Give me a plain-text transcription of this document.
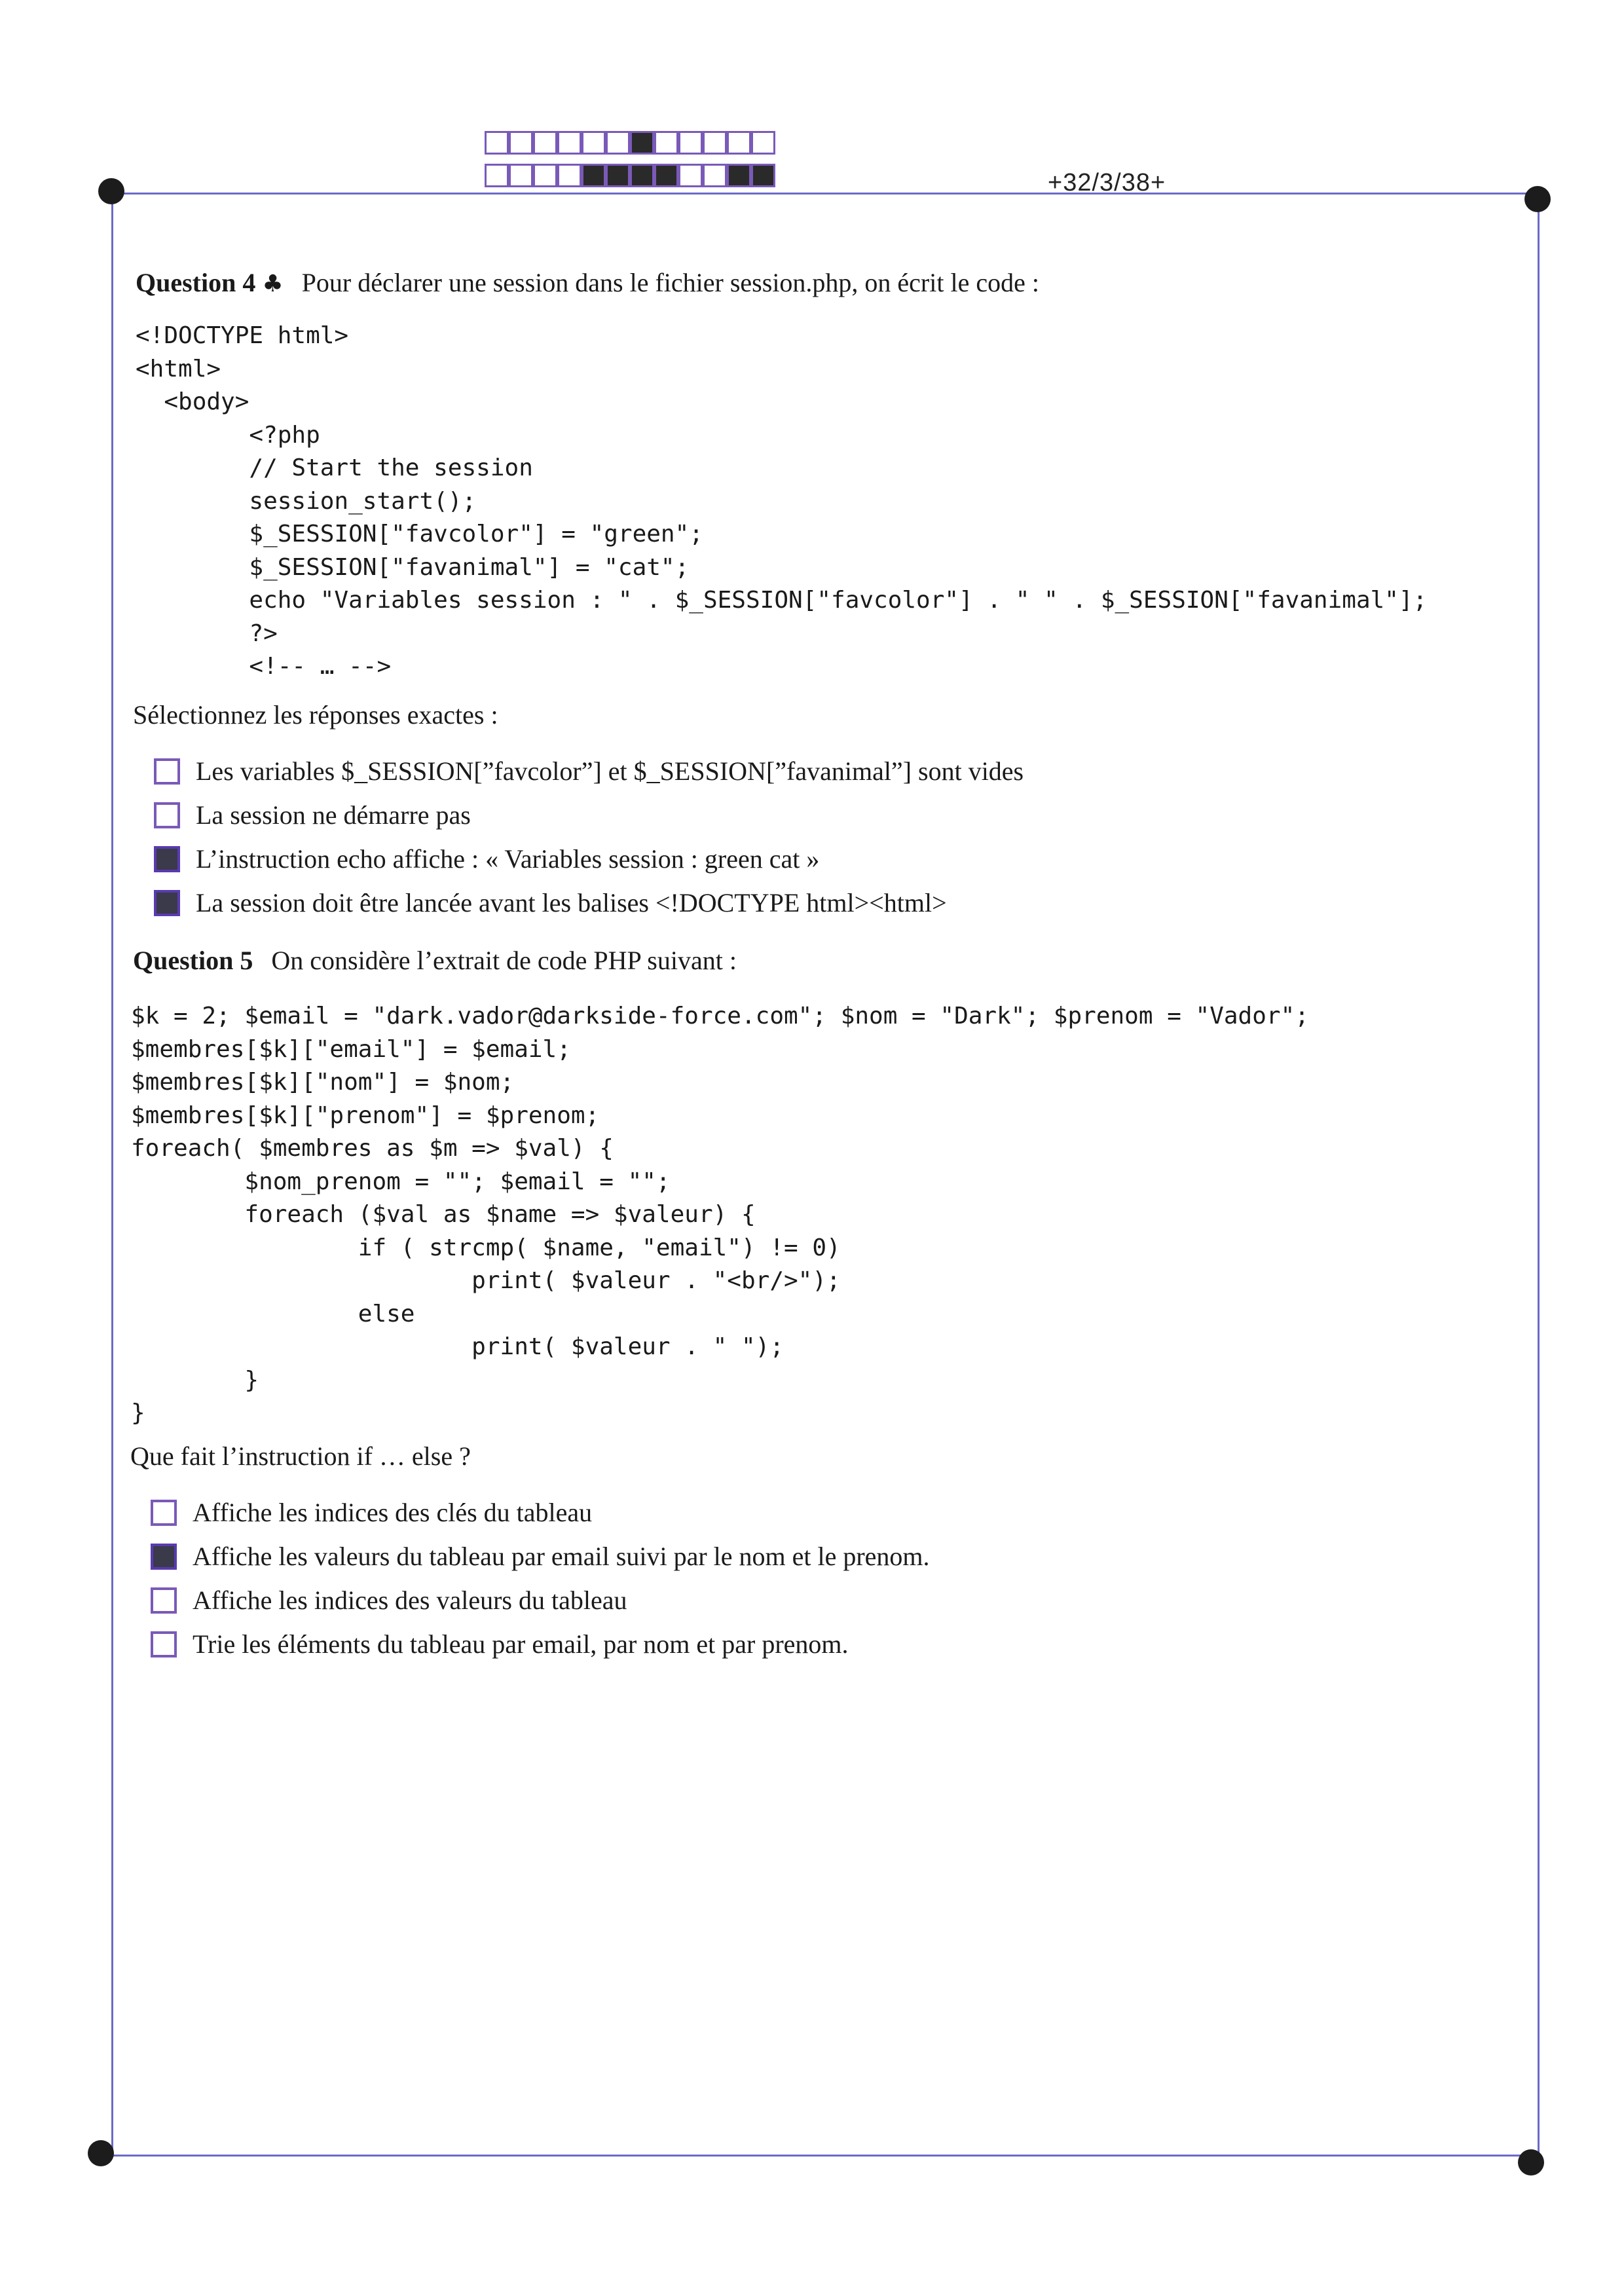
+32/3/38+
Question 4 ♣ Pour déclarer une session dans le fichier session.php, on écrit le code :
<!DOCTYPE html>
<html>
<body>
<?php
// Start the session
session_start();
$_SESSION["favcolor"] = "green";
$_SESSION["favanimal"] = "cat";
echo "Variables session : " . $_SESSION["favcolor"] . " " . $_SESSION["favanimal"];
?>
<!-- … -->
Sélectionnez les réponses exactes :
Les variables $_SESSION[”favcolor”] et $_SESSION[”favanimal”] sont vides
La session ne démarre pas
L’instruction echo affiche : « Variables session : green cat »
La session doit être lancée avant les balises <!DOCTYPE html><html>
Question 5 On considère l’extrait de code PHP suivant :
$k = 2; $email = "dark.vador@darkside-force.com"; $nom = "Dark"; $prenom = "Vador";
$membres[$k]["email"] = $email;
$membres[$k]["nom"] = $nom;
$membres[$k]["prenom"] = $prenom;
foreach( $membres as $m => $val) {
$nom_prenom = ""; $email = "";
foreach ($val as $name => $valeur) {
if ( strcmp( $name, "email") != 0)
print( $valeur . "<br/>");
else
print( $valeur . " ");
}
}
Que fait l’instruction if … else ?
Affiche les indices des clés du tableau
Affiche les valeurs du tableau par email suivi par le nom et le prenom.
Affiche les indices des valeurs du tableau
Trie les éléments du tableau par email, par nom et par prenom.
